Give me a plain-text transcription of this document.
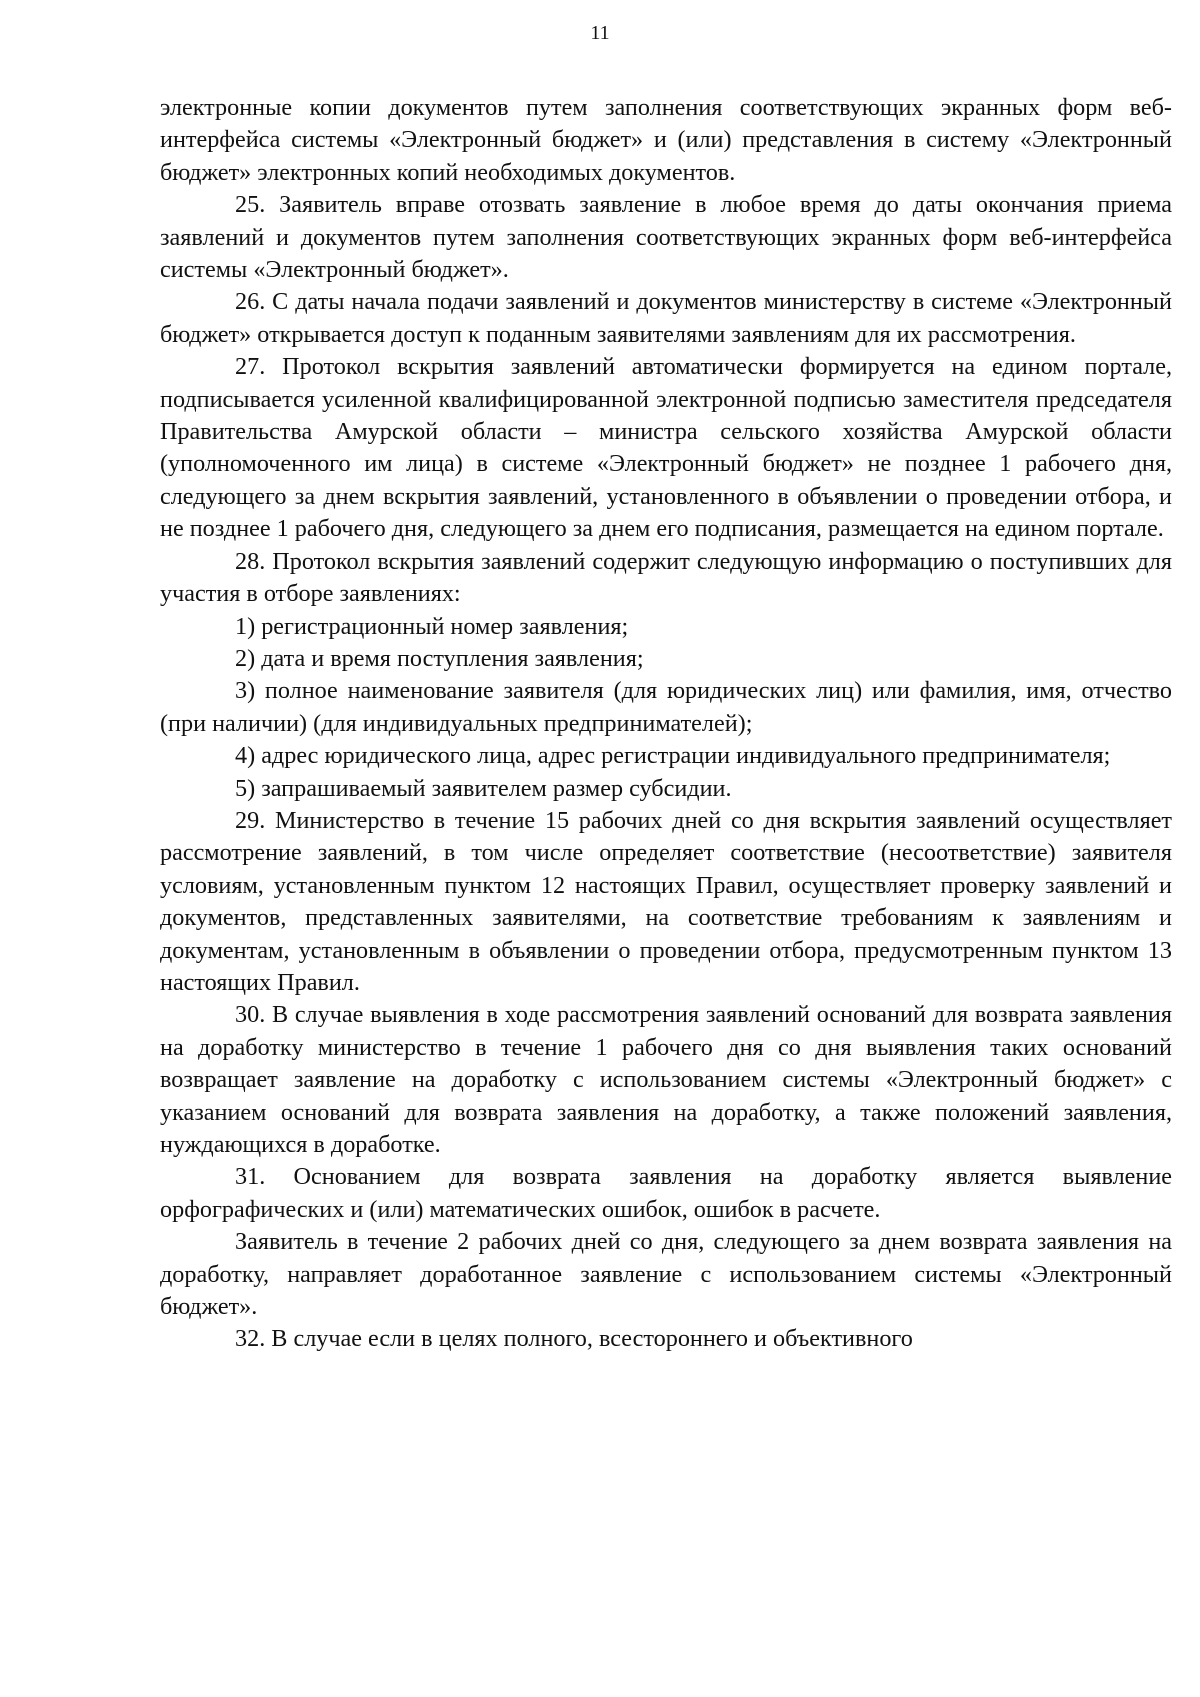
11

электронные копии документов путем заполнения соответствующих экранных форм веб-интерфейса системы «Электронный бюджет» и (или) представления в систему «Электронный бюджет» электронных копий необходимых документов.

25. Заявитель вправе отозвать заявление в любое время до даты окончания приема заявлений и документов путем заполнения соответствующих экранных форм веб-интерфейса системы «Электронный бюджет».

26. С даты начала подачи заявлений и документов министерству в системе «Электронный бюджет» открывается доступ к поданным заявителями заявлениям для их рассмотрения.

27. Протокол вскрытия заявлений автоматически формируется на едином портале, подписывается усиленной квалифицированной электронной подписью заместителя председателя Правительства Амурской области – министра сельского хозяйства Амурской области (уполномоченного им лица) в системе «Электронный бюджет» не позднее 1 рабочего дня, следующего за днем вскрытия заявлений, установленного в объявлении о проведении отбора, и не позднее 1 рабочего дня, следующего за днем его подписания, размещается на едином портале.

28. Протокол вскрытия заявлений содержит следующую информацию о поступивших для участия в отборе заявлениях:

1) регистрационный номер заявления;

2) дата и время поступления заявления;

3) полное наименование заявителя (для юридических лиц) или фамилия, имя, отчество (при наличии) (для индивидуальных предпринимателей);

4) адрес юридического лица, адрес регистрации индивидуального предпринимателя;

5) запрашиваемый заявителем размер субсидии.

29. Министерство в течение 15 рабочих дней со дня вскрытия заявлений осуществляет рассмотрение заявлений, в том числе определяет соответствие (несоответствие) заявителя условиям, установленным пунктом 12 настоящих Правил, осуществляет проверку заявлений и документов, представленных заявителями, на соответствие требованиям к заявлениям и документам, установленным в объявлении о проведении отбора, предусмотренным пунктом 13 настоящих Правил.

30. В случае выявления в ходе рассмотрения заявлений оснований для возврата заявления на доработку министерство в течение 1 рабочего дня со дня выявления таких оснований возвращает заявление на доработку с использованием системы «Электронный бюджет» с указанием оснований для возврата заявления на доработку, а также положений заявления, нуждающихся в доработке.

31. Основанием для возврата заявления на доработку является выявление орфографических и (или) математических ошибок, ошибок в расчете.

Заявитель в течение 2 рабочих дней со дня, следующего за днем возврата заявления на доработку, направляет доработанное заявление с использованием системы «Электронный бюджет».

32. В случае если в целях полного, всестороннего и объективного
